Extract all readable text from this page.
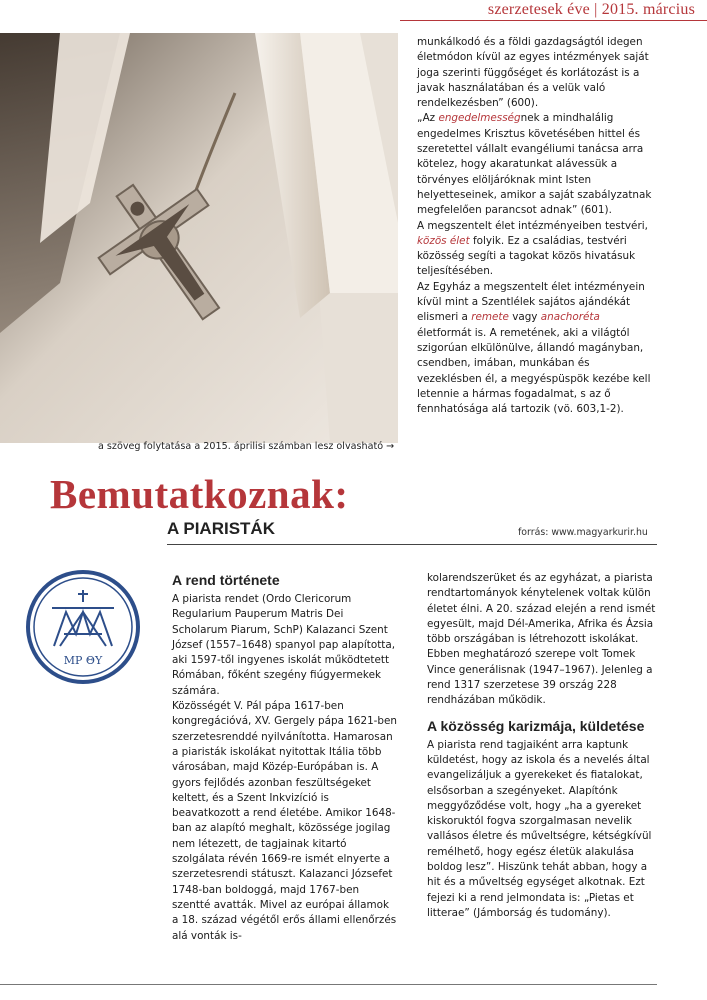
szerzetesek éve | 2015. március
a szöveg folytatása a 2015. áprilisi számban lesz olvasható →

munkálkodó és a földi gazdagságtól idegen életmódon kívül az egyes intézmények saját joga szerinti függőséget és korlátozást is a javak használatában és a velük való rendelkezésben” (600).

„Az engedelmességnek a mindhalálig engedelmes Krisztus követésében hittel és szeretettel vállalt evangéliumi tanácsa arra kötelez, hogy akaratunkat alávessük a törvényes elöljáróknak mint Isten helyetteseinek, amikor a saját szabályzatnak megfelelően parancsot adnak” (601).

A megszentelt élet intézményeiben testvéri, közös élet folyik. Ez a családias, testvéri közösség segíti a tagokat közös hivatásuk teljesítésében.

Az Egyház a megszentelt élet intézményein kívül mint a Szentlélek sajátos ajándékát elismeri a remete vagy anachoréta életformát is. A remetének, aki a világtól szigorúan elkülönülve, állandó magányban, csendben, imában, munkában és vezeklésben él, a megyéspüspök kezébe kell letennie a hármas fogadalmat, s az ő fennhatósága alá tartozik (vö. 603,1-2).

Bemutatkoznak:
A PIARISTÁK	forrás: www.magyarkurir.hu
ΜΡ ΘΥ
A rend története

A piarista rendet (Ordo Clericorum Regularium Pauperum Matris Dei Scholarum Piarum, SchP) Kalazanci Szent József (1557–1648) spanyol pap alapította, aki 1597-től ingyenes iskolát működtetett Rómában, főként szegény fiúgyermekek számára.

Közösségét V. Pál pápa 1617-ben kongregációvá, XV. Gergely pápa 1621-ben szerzetesrenddé nyilvánította. Hamarosan a piaristák iskolákat nyitottak Itália több városában, majd Közép-Európában is. A gyors fejlődés azonban feszültségeket keltett, és a Szent Inkvizíció is beavatkozott a rend életébe. Amikor 1648-ban az alapító meghalt, közössége jogilag nem létezett, de tagjainak kitartó szolgálata révén 1669-re ismét elnyerte a szerzetesrendi státuszt. Kalazanci Józsefet 1748-ban boldoggá, majd 1767-ben szentté avatták. Mivel az európai államok a 18. század végétől erős állami ellenőrzés alá vonták is-

kolarendszerüket és az egyházat, a piarista rendtartományok kénytelenek voltak külön életet élni. A 20. század elején a rend ismét egyesült, majd Dél-Amerika, Afrika és Ázsia több országában is létrehozott iskolákat. Ebben meghatározó szerepe volt Tomek Vince generálisnak (1947–1967). Jelenleg a rend 1317 szerzetese 39 ország 228 rendházában működik.

A közösség karizmája, küldetése

A piarista rend tagjaiként arra kaptunk küldetést, hogy az iskola és a nevelés által evangelizáljuk a gyerekeket és fiatalokat, elsősorban a szegényeket. Alapítónk meggyőződése volt, hogy „ha a gyereket kiskoruktól fogva szorgalmasan nevelik vallásos életre és műveltségre, kétségkívül remélhető, hogy egész életük alakulása boldog lesz”. Hiszünk tehát abban, hogy a hit és a műveltség egységet alkotnak. Ezt fejezi ki a rend jelmondata is: „Pietas et litterae” (Jámborság és tudomány).
